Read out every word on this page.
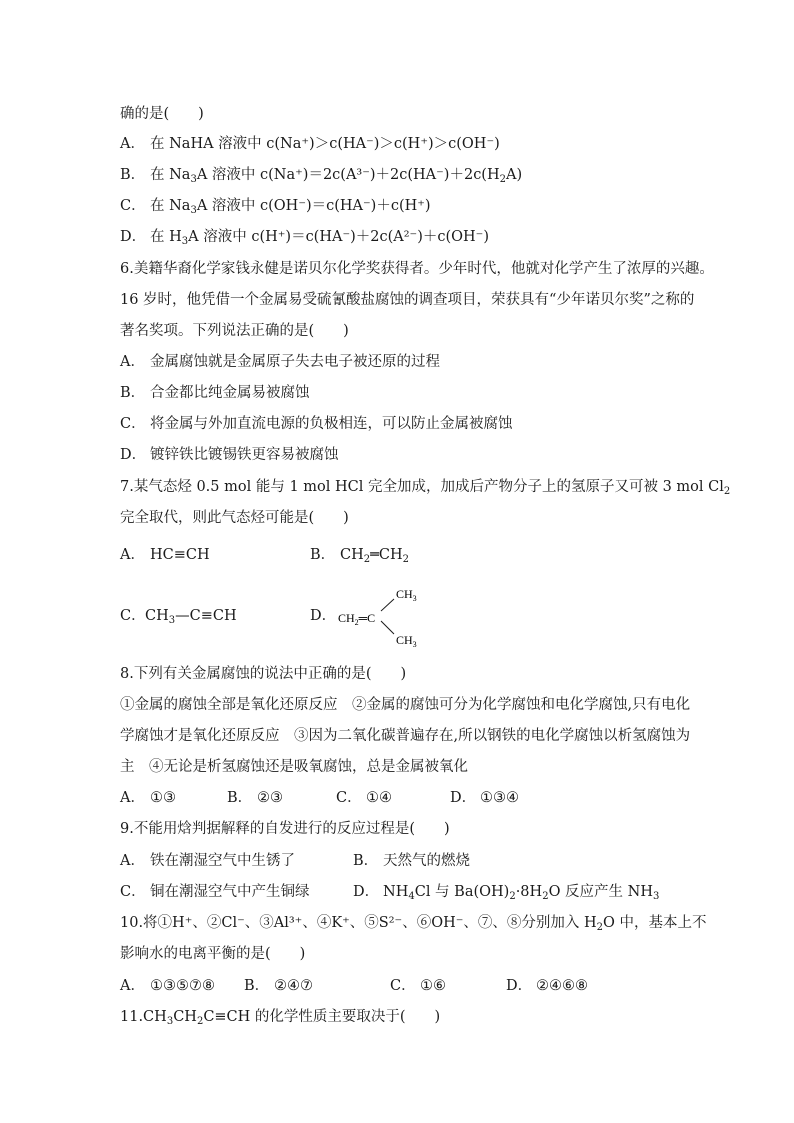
确的是(　　)
A． 在 NaHA 溶液中 c(Na⁺)＞c(HA⁻)＞c(H⁺)＞c(OH⁻)
B． 在 $Na_3A$ 溶液中 $c(Na^+)=2c(A^{3-})+2c(HA^-)+2c(H_2A)$
C． 在 $Na_3A$ 溶液中 c(OH⁻)＝c(HA⁻)＋c(H⁺)
D． 在 $H_3A$ 溶液中 c(H⁺)＝c(HA⁻)＋2c(A²⁻)＋c(OH⁻)
6.美籍华裔化学家钱永健是诺贝尔化学奖获得者。少年时代，他就对化学产生了浓厚的兴趣。
16 岁时，他凭借一个金属易受硫氰酸盐腐蚀的调查项目，荣获具有“少年诺贝尔奖”之称的
著名奖项。下列说法正确的是(　　)
A． 金属腐蚀就是金属原子失去电子被还原的过程
B． 合金都比纯金属易被腐蚀
C． 将金属与外加直流电源的负极相连，可以防止金属被腐蚀
D． 镀锌铁比镀锡铁更容易被腐蚀
7.某气态烃 0.5 mol 能与 1 mol HCl 完全加成，加成后产物分子上的氢原子又可被 3 mol $Cl_2$
完全取代，则此气态烃可能是(　　)
A． HC≡CH	B． $CH_2═CH_2$
C．$CH_3—C\equiv CH$	D． $CH_2═C$
$CH_3$
$CH_3$
8.下列有关金属腐蚀的说法中正确的是(　　)
①金属的腐蚀全部是氧化还原反应　②金属的腐蚀可分为化学腐蚀和电化学腐蚀,只有电化
学腐蚀才是氧化还原反应　③因为二氧化碳普遍存在,所以钢铁的电化学腐蚀以析氢腐蚀为
主　④无论是析氢腐蚀还是吸氧腐蚀，总是金属被氧化
A． ①③	B． ②③	C． ①④	D． ①③④
9.不能用焓判据解释的自发进行的反应过程是(　　)
A． 铁在潮湿空气中生锈了	B． 天然气的燃烧
C． 铜在潮湿空气中产生铜绿	D． $NH_4Cl$ 与 $Ba(OH)_2\cdot 8H_2O$ 反应产生 $NH_3$
10.将①H⁺、②Cl⁻、③Al³⁺、④K⁺、⑤S²⁻、⑥OH⁻、⑦、⑧分别加入 $H_2O$ 中，基本上不
影响水的电离平衡的是(　　)
A． ①③⑤⑦⑧ B． ②④⑦	C． ①⑥	D． ②④⑥⑧
$11.CH_3CH_2C\equiv CH$ 的化学性质主要取决于(　　)
